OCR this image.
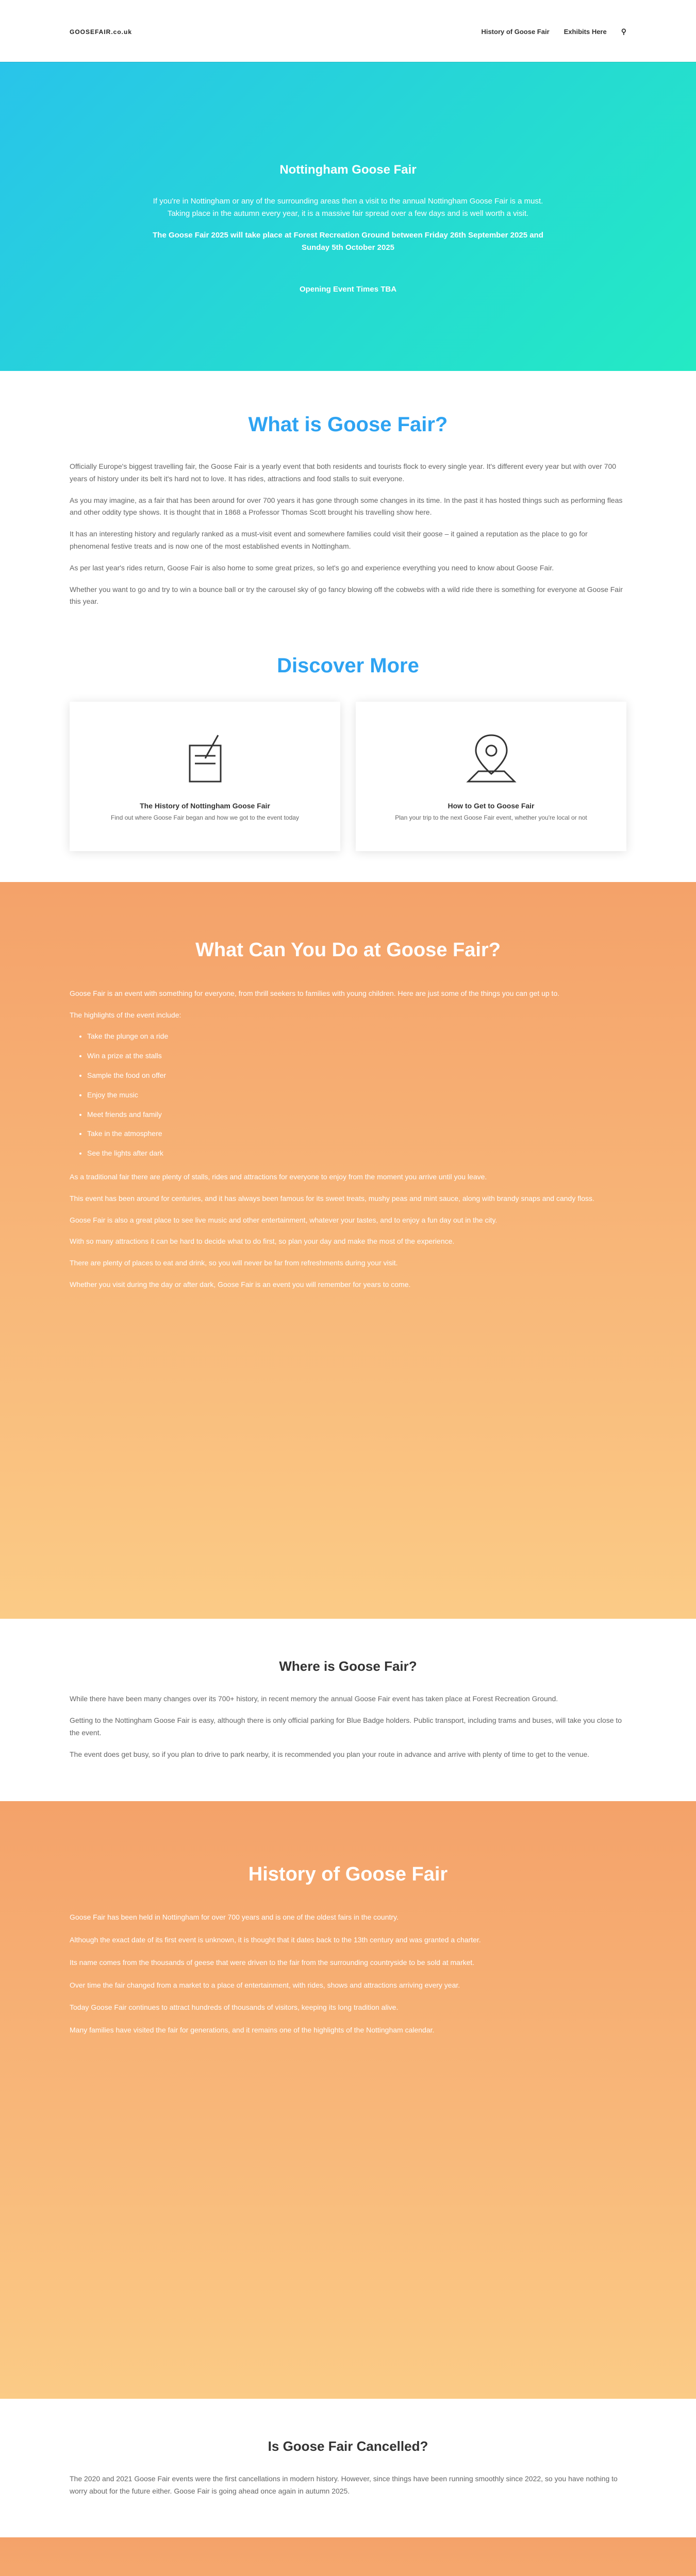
GOOSEFAIR.co.uk	History of Goose Fair Exhibits Here ⚲
Nottingham Goose Fair

If you're in Nottingham or any of the surrounding areas then a visit to the annual Nottingham Goose Fair is a must. Taking place in the autumn every year, it is a massive fair spread over a few days and is well worth a visit.

The Goose Fair 2025 will take place at Forest Recreation Ground between Friday 26th September 2025 and Sunday 5th October 2025

Opening Event Times TBA
What is Goose Fair?

Officially Europe's biggest travelling fair, the Goose Fair is a yearly event that both residents and tourists flock to every single year. It's different every year but with over 700 years of history under its belt it's hard not to love. It has rides, attractions and food stalls to suit everyone.

As you may imagine, as a fair that has been around for over 700 years it has gone through some changes in its time. In the past it has hosted things such as performing fleas and other oddity type shows. It is thought that in 1868 a Professor Thomas Scott brought his travelling show here.

It has an interesting history and regularly ranked as a must-visit event and somewhere families could visit their goose – it gained a reputation as the place to go for phenomenal festive treats and is now one of the most established events in Nottingham.

As per last year's rides return, Goose Fair is also home to some great prizes, so let's go and experience everything you need to know about Goose Fair.

Whether you want to go and try to win a bounce ball or try the carousel sky of go fancy blowing off the cobwebs with a wild ride there is something for everyone at Goose Fair this year.

Discover More
The History of Nottingham Goose Fair

Find out where Goose Fair began and how we got to the event today

How to Get to Goose Fair

Plan your trip to the next Goose Fair event, whether you're local or not

What Can You Do at Goose Fair?

Goose Fair is an event with something for everyone, from thrill seekers to families with young children. Here are just some of the things you can get up to.

The highlights of the event include:

• Take the plunge on a ride
• Win a prize at the stalls
• Sample the food on offer
• Enjoy the music
• Meet friends and family
• Take in the atmosphere
• See the lights after dark

As a traditional fair there are plenty of stalls, rides and attractions for everyone to enjoy from the moment you arrive until you leave.

This event has been around for centuries, and it has always been famous for its sweet treats, mushy peas and mint sauce, along with brandy snaps and candy floss.

Goose Fair is also a great place to see live music and other entertainment, whatever your tastes, and to enjoy a fun day out in the city.

With so many attractions it can be hard to decide what to do first, so plan your day and make the most of the experience.

There are plenty of places to eat and drink, so you will never be far from refreshments during your visit.

Whether you visit during the day or after dark, Goose Fair is an event you will remember for years to come.

Where is Goose Fair?

While there have been many changes over its 700+ history, in recent memory the annual Goose Fair event has taken place at Forest Recreation Ground.

Getting to the Nottingham Goose Fair is easy, although there is only official parking for Blue Badge holders. Public transport, including trams and buses, will take you close to the event.

The event does get busy, so if you plan to drive to park nearby, it is recommended you plan your route in advance and arrive with plenty of time to get to the venue.

History of Goose Fair

Goose Fair has been held in Nottingham for over 700 years and is one of the oldest fairs in the country.

Although the exact date of its first event is unknown, it is thought that it dates back to the 13th century and was granted a charter.

Its name comes from the thousands of geese that were driven to the fair from the surrounding countryside to be sold at market.

Over time the fair changed from a market to a place of entertainment, with rides, shows and attractions arriving every year.

Today Goose Fair continues to attract hundreds of thousands of visitors, keeping its long tradition alive.

Many families have visited the fair for generations, and it remains one of the highlights of the Nottingham calendar.

Is Goose Fair Cancelled?

The 2020 and 2021 Goose Fair events were the first cancellations in modern history. However, since things have been running smoothly since 2022, so you have nothing to worry about for the future either. Goose Fair is going ahead once again in autumn 2025.
